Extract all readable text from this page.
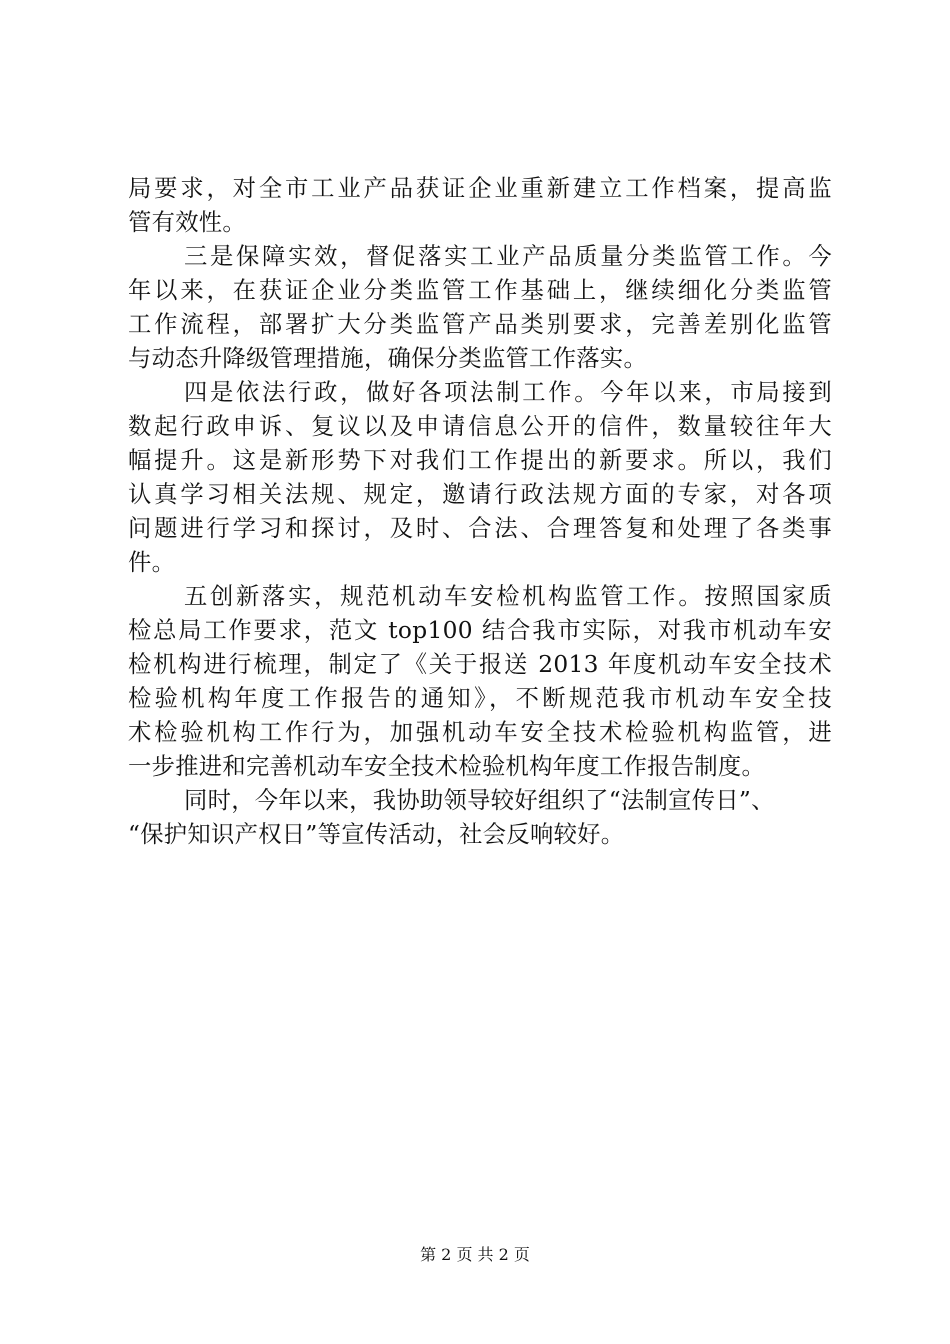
局要求，对全市工业产品获证企业重新建立工作档案，提高监
管有效性。
三是保障实效，督促落实工业产品质量分类监管工作。今
年以来，在获证企业分类监管工作基础上，继续细化分类监管
工作流程，部署扩大分类监管产品类别要求，完善差别化监管
与动态升降级管理措施，确保分类监管工作落实。
四是依法行政，做好各项法制工作。今年以来，市局接到
数起行政申诉、复议以及申请信息公开的信件，数量较往年大
幅提升。这是新形势下对我们工作提出的新要求。所以，我们
认真学习相关法规、规定，邀请行政法规方面的专家，对各项
问题进行学习和探讨，及时、合法、合理答复和处理了各类事
件。
五创新落实，规范机动车安检机构监管工作。按照国家质
检总局工作要求，范文 top100 结合我市实际，对我市机动车安
检机构进行梳理，制定了《关于报送 2013 年度机动车安全技术
检验机构年度工作报告的通知》，不断规范我市机动车安全技
术检验机构工作行为，加强机动车安全技术检验机构监管，进
一步推进和完善机动车安全技术检验机构年度工作报告制度。
同时，今年以来，我协助领导较好组织了“法制宣传日”、
“保护知识产权日”等宣传活动，社会反响较好。
第 2 页 共 2 页
